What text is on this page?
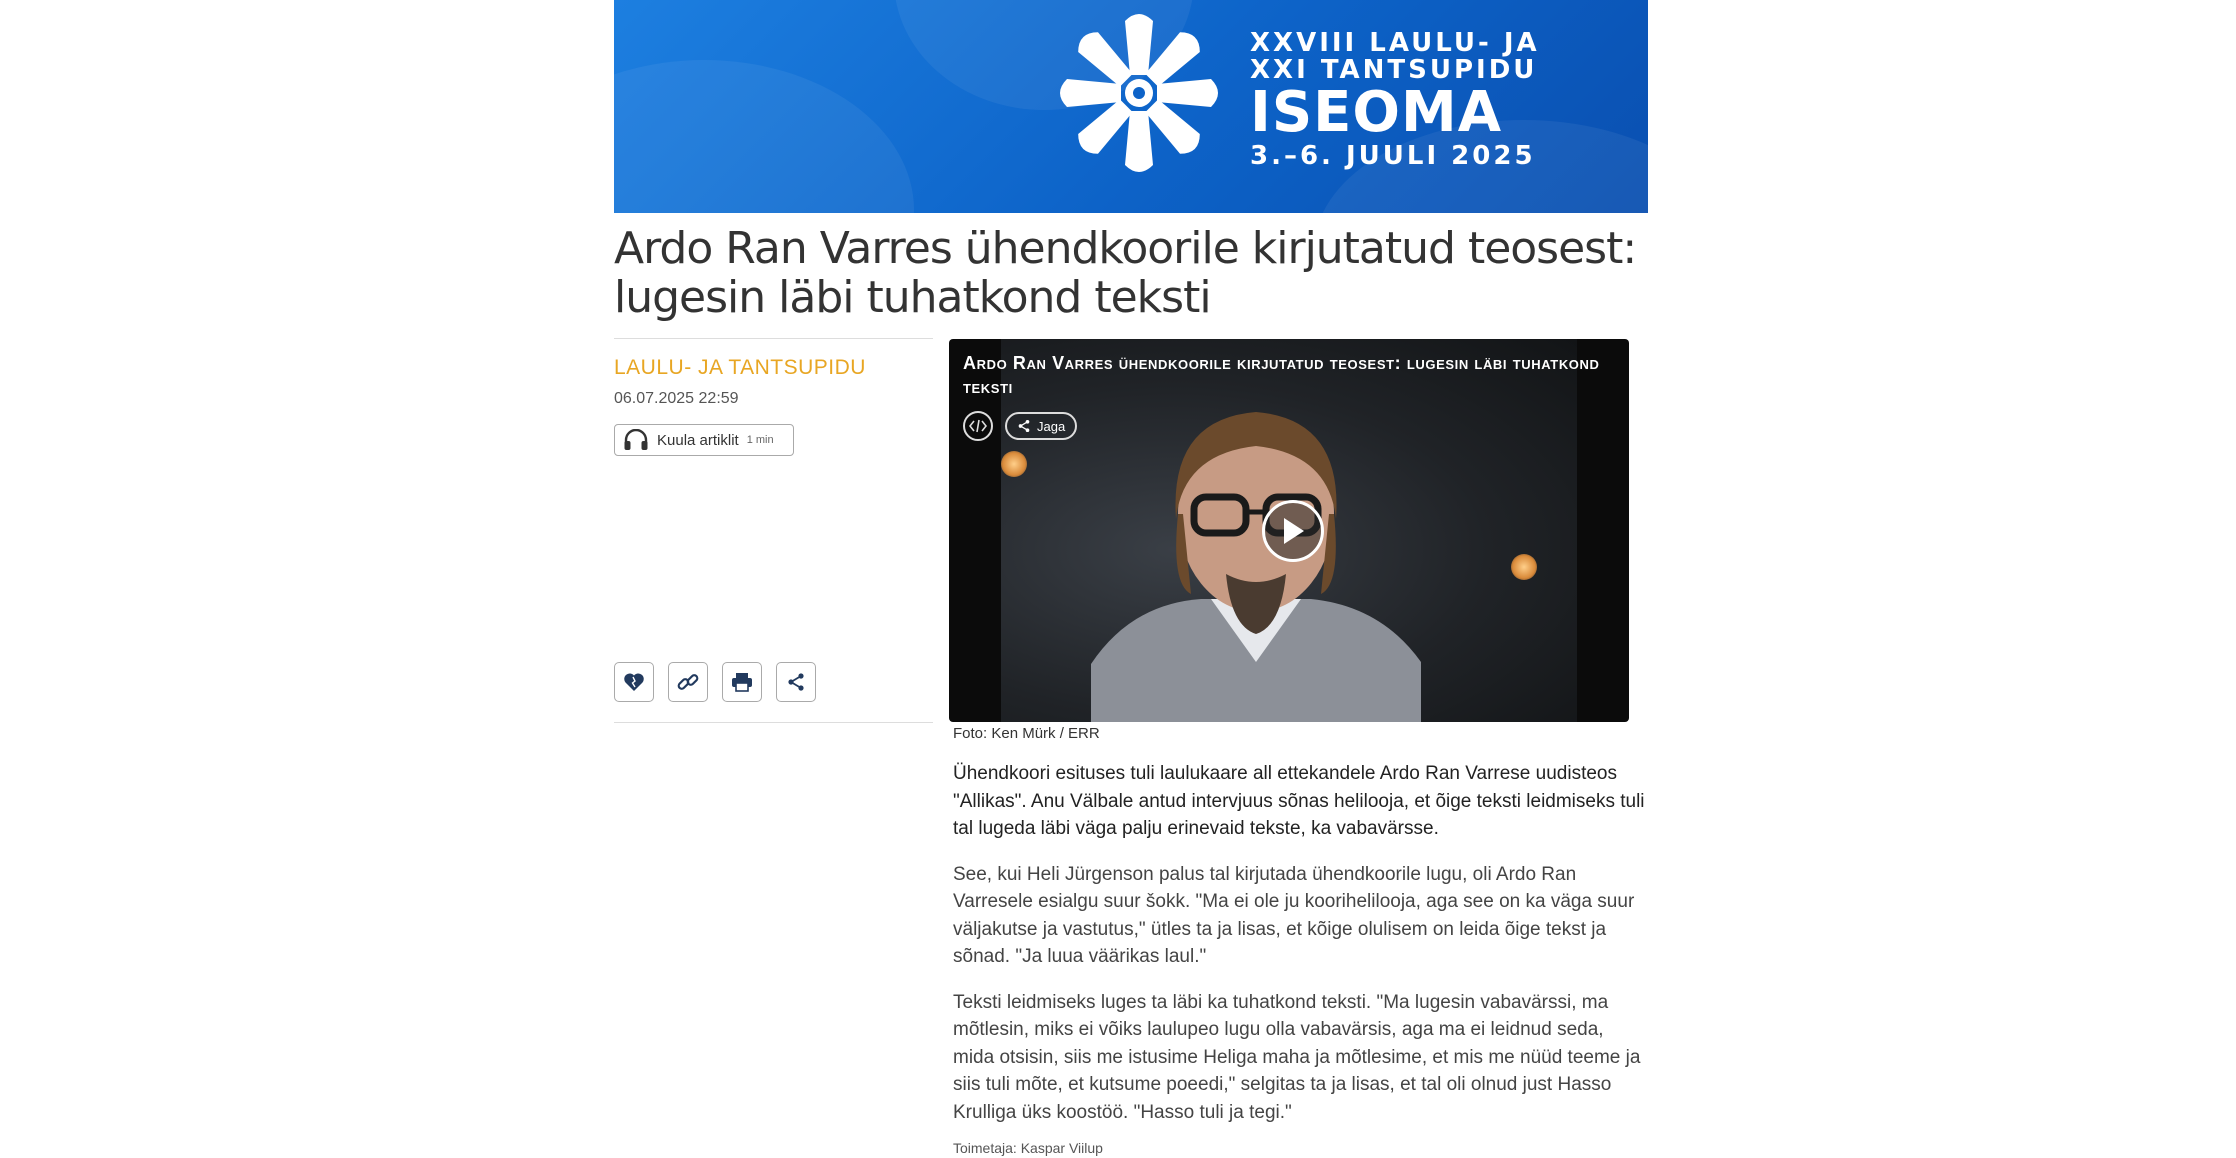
XXVIII LAULU- JA
XXI TANTSUPIDU
ISEOMA
3.–6. JUULI 2025
Ardo Ran Varres ühendkoorile kirjutatud teosest: lugesin läbi tuhatkond teksti
LAULU- JA TANTSUPIDU
06.07.2025 22:59
Kuula artiklit 1 min
Ardo Ran Varres ühendkoorile kirjutatud teosest: lugesin läbi tuhatkond teksti
Jaga
Foto: Ken Mürk / ERR

Ühendkoori esituses tuli laulukaare all ettekandele Ardo Ran Varrese uudisteos "Allikas". Anu Välbale antud intervjuus sõnas helilooja, et õige teksti leidmiseks tuli tal lugeda läbi väga palju erinevaid tekste, ka vabavärsse.

See, kui Heli Jürgenson palus tal kirjutada ühendkoorile lugu, oli Ardo Ran Varresele esialgu suur šokk. "Ma ei ole ju koorihelilooja, aga see on ka väga suur väljakutse ja vastutus," ütles ta ja lisas, et kõige olulisem on leida õige tekst ja sõnad. "Ja luua väärikas laul."

Teksti leidmiseks luges ta läbi ka tuhatkond teksti. "Ma lugesin vabavärssi, ma mõtlesin, miks ei võiks laulupeo lugu olla vabavärsis, aga ma ei leidnud seda, mida otsisin, siis me istusime Heliga maha ja mõtlesime, et mis me nüüd teeme ja siis tuli mõte, et kutsume poeedi," selgitas ta ja lisas, et tal oli olnud just Hasso Krulliga üks koostöö. "Hasso tuli ja tegi."

Toimetaja: Kaspar Viilup
